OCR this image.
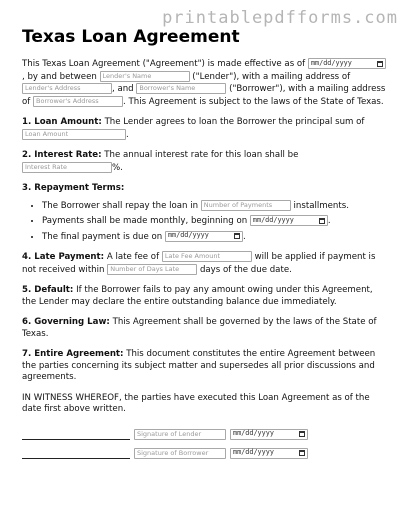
printablepdfforms.com
Texas Loan Agreement

This Texas Loan Agreement ("Agreement") is made effective as of mm/dd/yyyy
, by and between Lender's Name	("Lender"), with a mailing address of Lender's Address	, and Borrower's Name	("Borrower"), with a mailing address of Borrower's Address	. This Agreement is subject to the laws of the State of Texas.

1. Loan Amount: The Lender agrees to loan the Borrower the principal sum of Loan Amount	.

2. Interest Rate: The annual interest rate for this loan shall be Interest Rate	%.

3. Repayment Terms:

• The Borrower shall repay the loan in Number of Payments installments.
• Payments shall be made monthly, beginning on mm/dd/yyyy	.
• The final payment is due on mm/dd/yyyy	.

4. Late Payment: A late fee of Late Fee Amount	will be applied if payment is not received within Number of Days Late days of the due date.

5. Default: If the Borrower fails to pay any amount owing under this Agreement, the Lender may declare the entire outstanding balance due immediately.

6. Governing Law: This Agreement shall be governed by the laws of the State of Texas.

7. Entire Agreement: This document constitutes the entire Agreement between the parties concerning its subject matter and supersedes all prior discussions and agreements.

IN WITNESS WHEREOF, the parties have executed this Loan Agreement as of the date first above written.

Signature of Lender	mm/dd/yyyy
Signature of Borrower	mm/dd/yyyy
